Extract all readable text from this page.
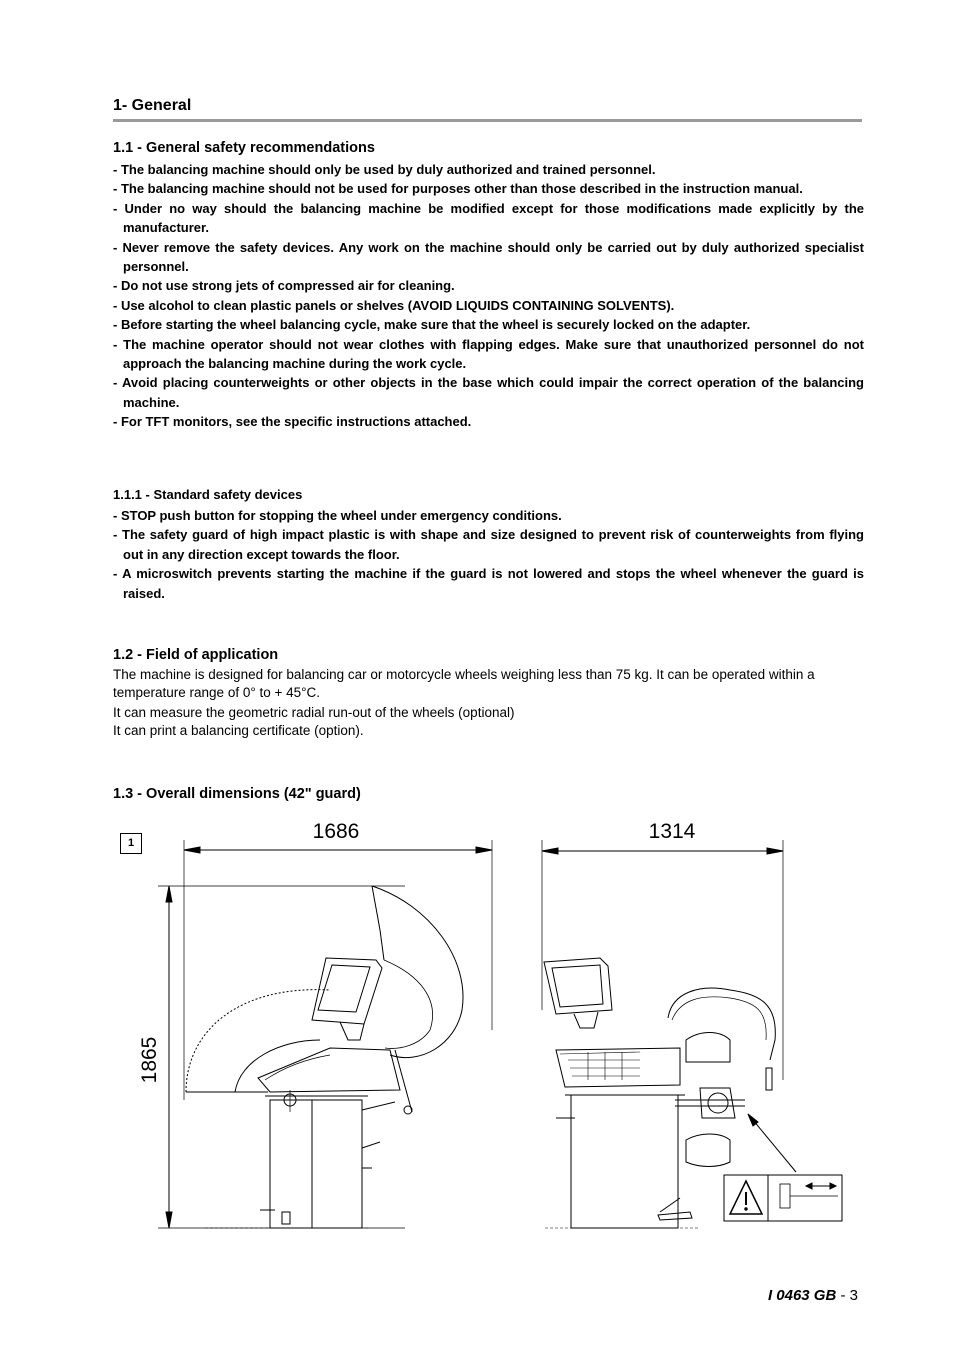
1- General
1.1 - General safety recommendations
- The balancing machine should only be used by duly authorized and trained personnel.
- The balancing machine should not be used for purposes other than those described in the instruction manual.
- Under no way should the balancing machine be modified except for those modifications made explicitly by the manufacturer.
- Never remove the safety devices. Any work on the machine should only be carried out by duly authorized specialist personnel.
- Do not use strong jets of compressed air for cleaning.
- Use alcohol to clean plastic panels or shelves (AVOID LIQUIDS CONTAINING SOLVENTS).
- Before starting the wheel balancing cycle, make sure that the wheel is securely locked on the adapter.
- The machine operator should not wear clothes with flapping edges. Make sure that unauthorized personnel do not approach the balancing machine during the work cycle.
- Avoid placing counterweights or other objects in the base which could impair the correct operation of the balancing machine.
- For TFT monitors, see the specific instructions attached.
1.1.1 - Standard safety devices
- STOP push button for stopping the wheel under emergency conditions.
- The safety guard of high impact plastic is with shape and size designed to prevent risk of counterweights from flying out in any direction except towards the floor.
- A microswitch prevents starting the machine if the guard is not lowered and stops the wheel whenever the guard is raised.
1.2 - Field of application

The machine is designed for balancing car or motorcycle wheels weighing less than 75 kg. It can be operated within a temperature range of 0° to + 45°C.

It can measure the geometric radial run-out of the wheels (optional)

It can print a balancing certificate (option).

1.3 - Overall dimensions (42" guard)
1	1686	1314
1865
I 0463 GB - 3
